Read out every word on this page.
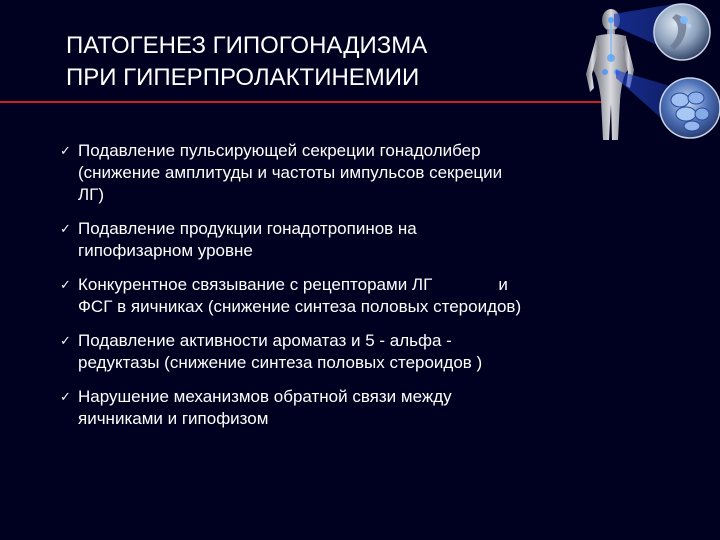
ПАТОГЕНЕЗ ГИПОГОНАДИЗМА
ПРИ ГИПЕРПРОЛАКТИНЕМИИ
✓ Подавление пульсирующей секреции гонадолибер
(снижение амплитуды и частоты импульсов секреции
ЛГ)
✓ Подавление продукции гонадотропинов на
гипофизарном уровне
✓ Конкурентное связывание с рецепторами ЛГ              и
ФСГ в яичниках (снижение синтеза половых стероидов)
✓ Подавление активности ароматаз и 5 - альфа -
редуктазы (снижение синтеза половых стероидов )
✓ Нарушение механизмов обратной связи между
яичниками и гипофизом
